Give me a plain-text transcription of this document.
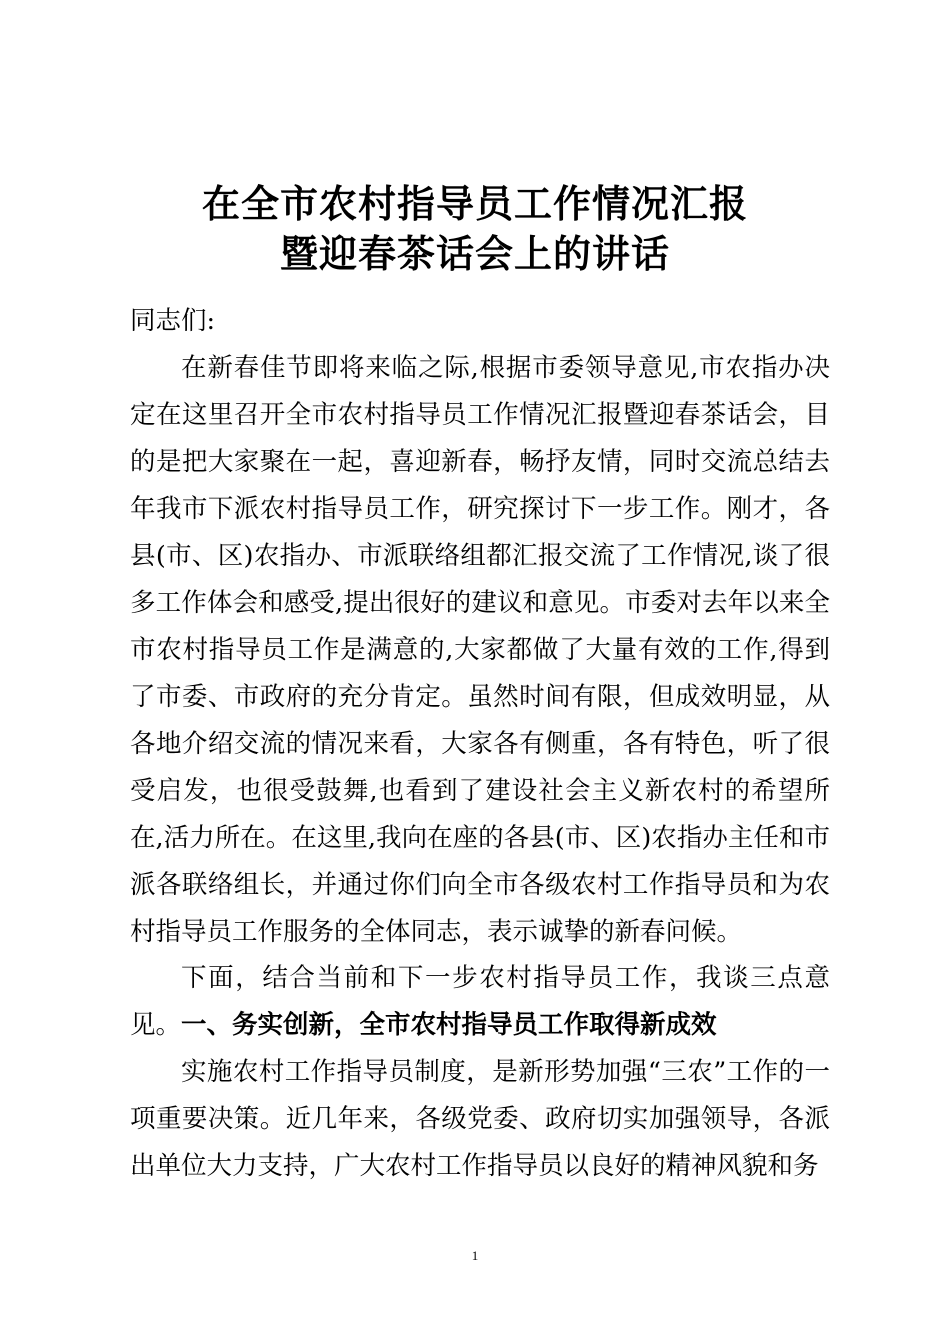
在全市农村指导员工作情况汇报
暨迎春茶话会上的讲话
同志们:
在新春佳节即将来临之际,根据市委领导意见,市农指办决定在这里召开全市农村指导员工作情况汇报暨迎春茶话会，目的是把大家聚在一起，喜迎新春，畅抒友情，同时交流总结去年我市下派农村指导员工作，研究探讨下一步工作。刚才，各县(市、区)农指办、市派联络组都汇报交流了工作情况,谈了很多工作体会和感受,提出很好的建议和意见。市委对去年以来全市农村指导员工作是满意的,大家都做了大量有效的工作,得到了市委、市政府的充分肯定。虽然时间有限，但成效明显，从各地介绍交流的情况来看，大家各有侧重，各有特色，听了很受启发，也很受鼓舞,也看到了建设社会主义新农村的希望所在,活力所在。在这里,我向在座的各县(市、区)农指办主任和市派各联络组长，并通过你们向全市各级农村工作指导员和为农村指导员工作服务的全体同志，表示诚挚的新春问候。
下面，结合当前和下一步农村指导员工作，我谈三点意见。 一、务实创新，全市农村指导员工作取得新成效
实施农村工作指导员制度，是新形势加强“三农”工作的一项重要决策。近几年来，各级党委、政府切实加强领导，各派出单位大力支持，广大农村工作指导员以良好的精神风貌和务
1
